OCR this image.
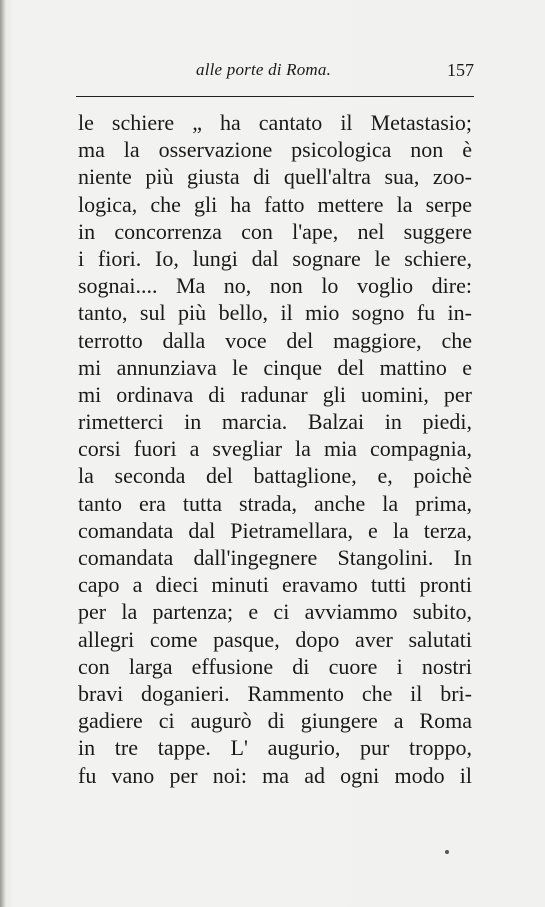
alle porte di Roma.	157
le schiere „ ha cantato il Metastasio;
ma la osservazione psicologica non è
niente più giusta di quell'altra sua, zoo-
logica, che gli ha fatto mettere la serpe
in concorrenza con l'ape, nel suggere
i fiori. Io, lungi dal sognare le schiere,
sognai.... Ma no, non lo voglio dire:
tanto, sul più bello, il mio sogno fu in-
terrotto dalla voce del maggiore, che
mi annunziava le cinque del mattino e
mi ordinava di radunar gli uomini, per
rimetterci in marcia. Balzai in piedi,
corsi fuori a svegliar la mia compagnia,
la seconda del battaglione, e, poichè
tanto era tutta strada, anche la prima,
comandata dal Pietramellara, e la terza,
comandata dall'ingegnere Stangolini. In
capo a dieci minuti eravamo tutti pronti
per la partenza; e ci avviammo subito,
allegri come pasque, dopo aver salutati
con larga effusione di cuore i nostri
bravi doganieri. Rammento che il bri-
gadiere ci augurò di giungere a Roma
in tre tappe. L' augurio, pur troppo,
fu vano per noi: ma ad ogni modo il
